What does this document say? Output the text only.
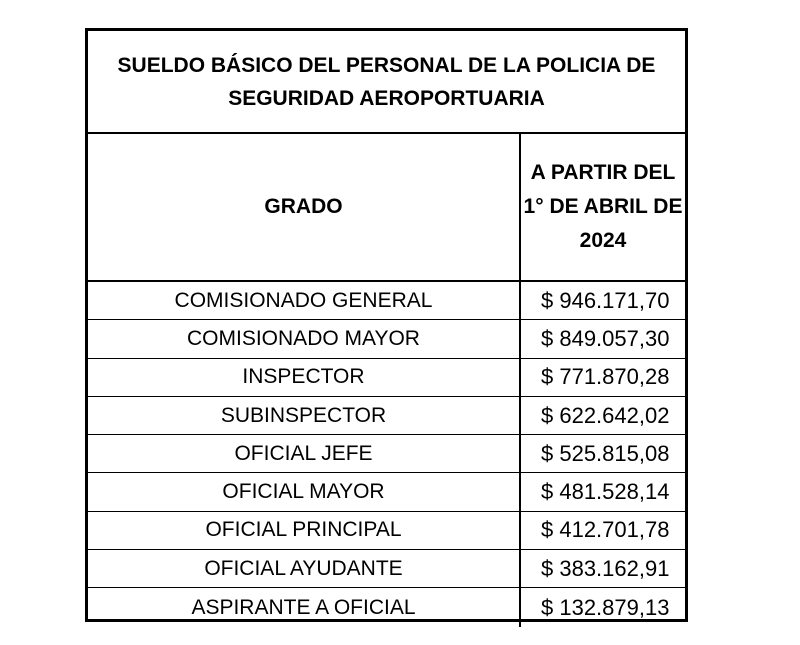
SUELDO BÁSICO DEL PERSONAL DE LA POLICIA DE SEGURIDAD AEROPORTUARIA
GRADO
A PARTIR DEL 1° DE ABRIL DE 2024
COMISIONADO GENERAL	$ 946.171,70
COMISIONADO MAYOR	$ 849.057,30
INSPECTOR	$ 771.870,28
SUBINSPECTOR	$ 622.642,02
OFICIAL JEFE	$ 525.815,08
OFICIAL MAYOR	$ 481.528,14
OFICIAL PRINCIPAL	$ 412.701,78
OFICIAL AYUDANTE	$ 383.162,91
ASPIRANTE A OFICIAL	$ 132.879,13
